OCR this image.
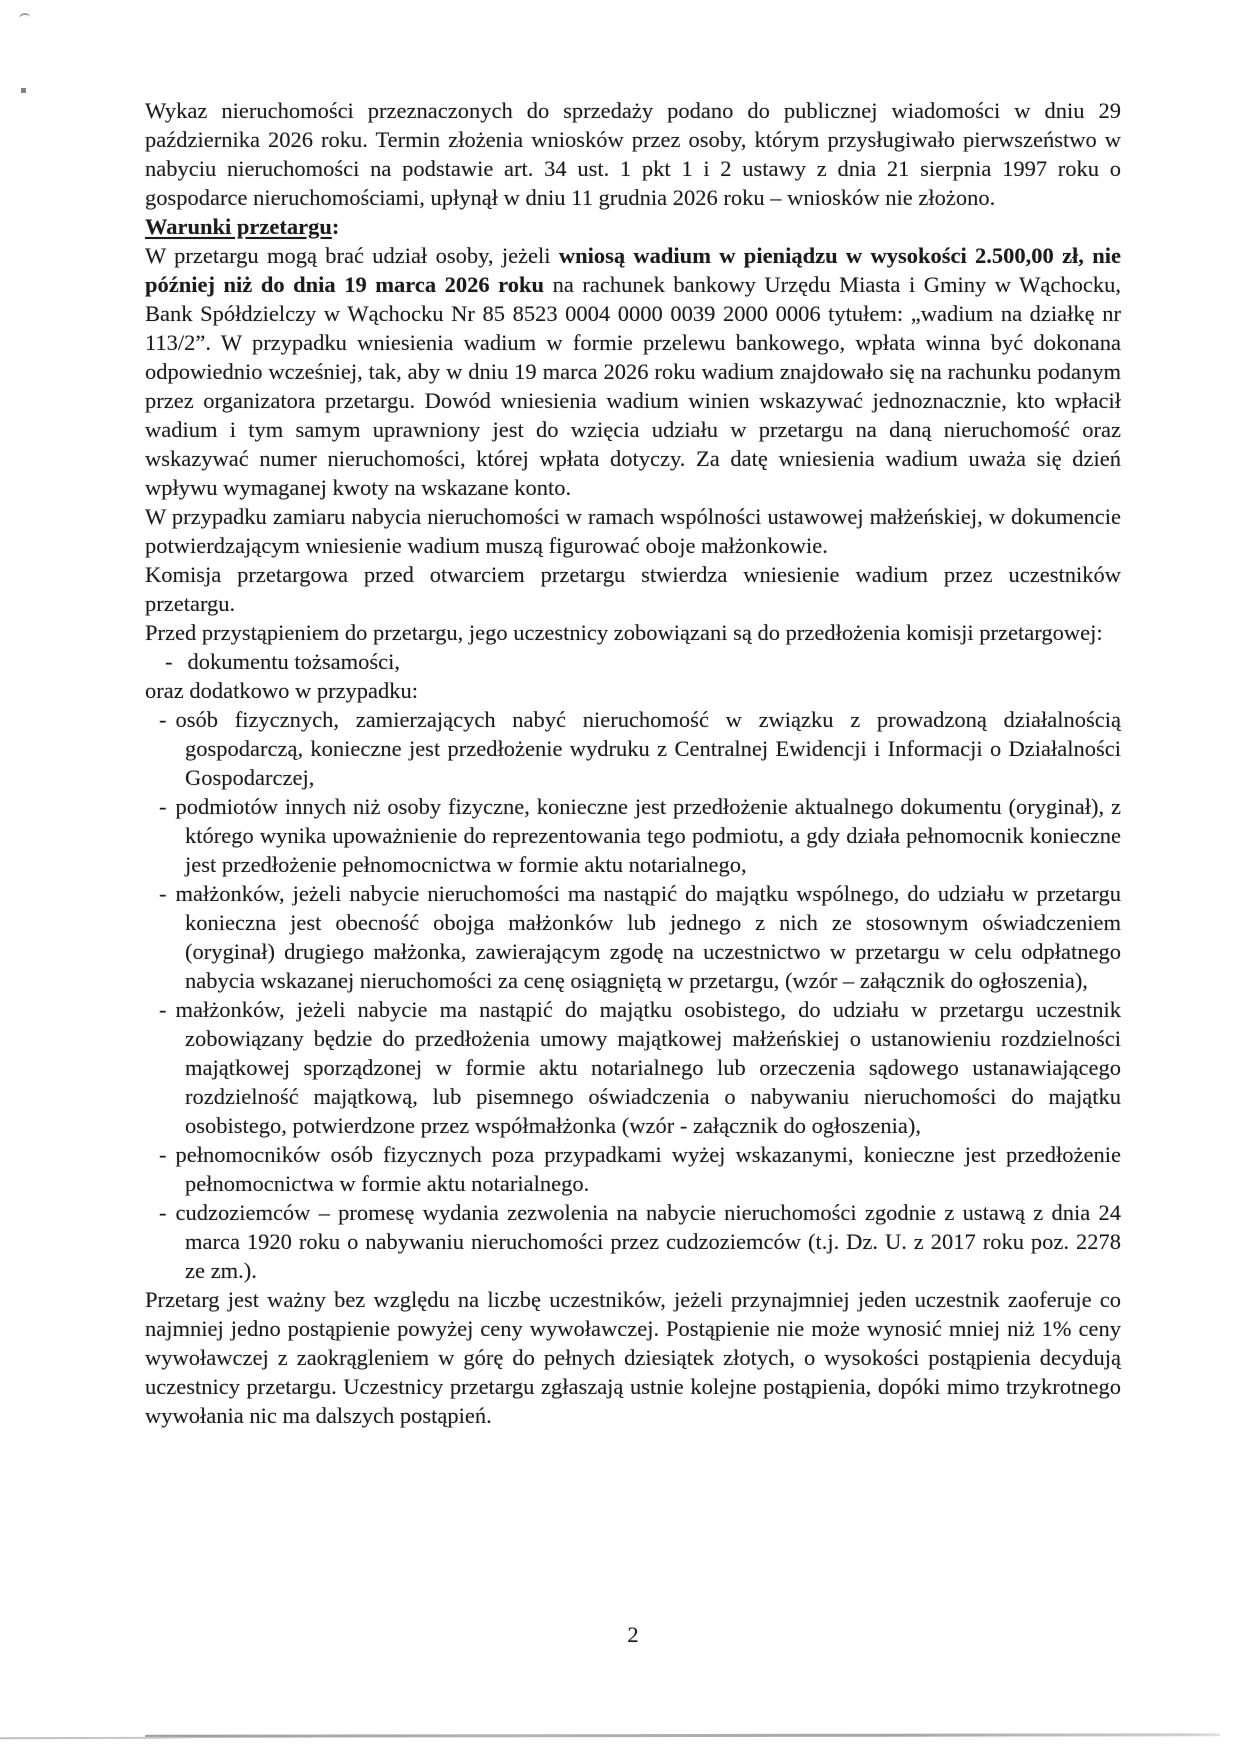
Wykaz nieruchomości przeznaczonych do sprzedaży podano do publicznej wiadomości w dniu 29 października 2026 roku. Termin złożenia wniosków przez osoby, którym przysługiwało pierwszeństwo w nabyciu nieruchomości na podstawie art. 34 ust. 1 pkt 1 i 2 ustawy z dnia 21 sierpnia 1997 roku o gospodarce nieruchomościami, upłynął w dniu 11 grudnia 2026 roku – wniosków nie złożono.

Warunki przetargu:

W przetargu mogą brać udział osoby, jeżeli wniosą wadium w pieniądzu w wysokości 2.500,00 zł, nie później niż do dnia 19 marca 2026 roku na rachunek bankowy Urzędu Miasta i Gminy w Wąchocku, Bank Spółdzielczy w Wąchocku Nr 85 8523 0004 0000 0039 2000 0006 tytułem: „wadium na działkę nr 113/2”. W przypadku wniesienia wadium w formie przelewu bankowego, wpłata winna być dokonana odpowiednio wcześniej, tak, aby w dniu 19 marca 2026 roku wadium znajdowało się na rachunku podanym przez organizatora przetargu. Dowód wniesienia wadium winien wskazywać jednoznacznie, kto wpłacił wadium i tym samym uprawniony jest do wzięcia udziału w przetargu na daną nieruchomość oraz wskazywać numer nieruchomości, której wpłata dotyczy. Za datę wniesienia wadium uważa się dzień wpływu wymaganej kwoty na wskazane konto.

W przypadku zamiaru nabycia nieruchomości w ramach wspólności ustawowej małżeńskiej, w dokumencie potwierdzającym wniesienie wadium muszą figurować oboje małżonkowie.

Komisja przetargowa przed otwarciem przetargu stwierdza wniesienie wadium przez uczestników przetargu.

Przed przystąpieniem do przetargu, jego uczestnicy zobowiązani są do przedłożenia komisji przetargowej:

- dokumentu tożsamości,

oraz dodatkowo w przypadku:

- osób fizycznych, zamierzających nabyć nieruchomość w związku z prowadzoną działalnością gospodarczą, konieczne jest przedłożenie wydruku z Centralnej Ewidencji i Informacji o Działalności Gospodarczej,

- podmiotów innych niż osoby fizyczne, konieczne jest przedłożenie aktualnego dokumentu (oryginał), z którego wynika upoważnienie do reprezentowania tego podmiotu, a gdy działa pełnomocnik konieczne jest przedłożenie pełnomocnictwa w formie aktu notarialnego,

- małżonków, jeżeli nabycie nieruchomości ma nastąpić do majątku wspólnego, do udziału w przetargu konieczna jest obecność obojga małżonków lub jednego z nich ze stosownym oświadczeniem (oryginał) drugiego małżonka, zawierającym zgodę na uczestnictwo w przetargu w celu odpłatnego nabycia wskazanej nieruchomości za cenę osiągniętą w przetargu, (wzór – załącznik do ogłoszenia),

- małżonków, jeżeli nabycie ma nastąpić do majątku osobistego, do udziału w przetargu uczestnik zobowiązany będzie do przedłożenia umowy majątkowej małżeńskiej o ustanowieniu rozdzielności majątkowej sporządzonej w formie aktu notarialnego lub orzeczenia sądowego ustanawiającego rozdzielność majątkową, lub pisemnego oświadczenia o nabywaniu nieruchomości do majątku osobistego, potwierdzone przez współmałżonka (wzór - załącznik do ogłoszenia),

- pełnomocników osób fizycznych poza przypadkami wyżej wskazanymi, konieczne jest przedłożenie pełnomocnictwa w formie aktu notarialnego.

- cudzoziemców – promesę wydania zezwolenia na nabycie nieruchomości zgodnie z ustawą z dnia 24 marca 1920 roku o nabywaniu nieruchomości przez cudzoziemców (t.j. Dz. U. z 2017 roku poz. 2278 ze zm.).

Przetarg jest ważny bez względu na liczbę uczestników, jeżeli przynajmniej jeden uczestnik zaoferuje co najmniej jedno postąpienie powyżej ceny wywoławczej. Postąpienie nie może wynosić mniej niż 1% ceny wywoławczej z zaokrągleniem w górę do pełnych dziesiątek złotych, o wysokości postąpienia decydują uczestnicy przetargu. Uczestnicy przetargu zgłaszają ustnie kolejne postąpienia, dopóki mimo trzykrotnego wywołania nic ma dalszych postąpień.

2
